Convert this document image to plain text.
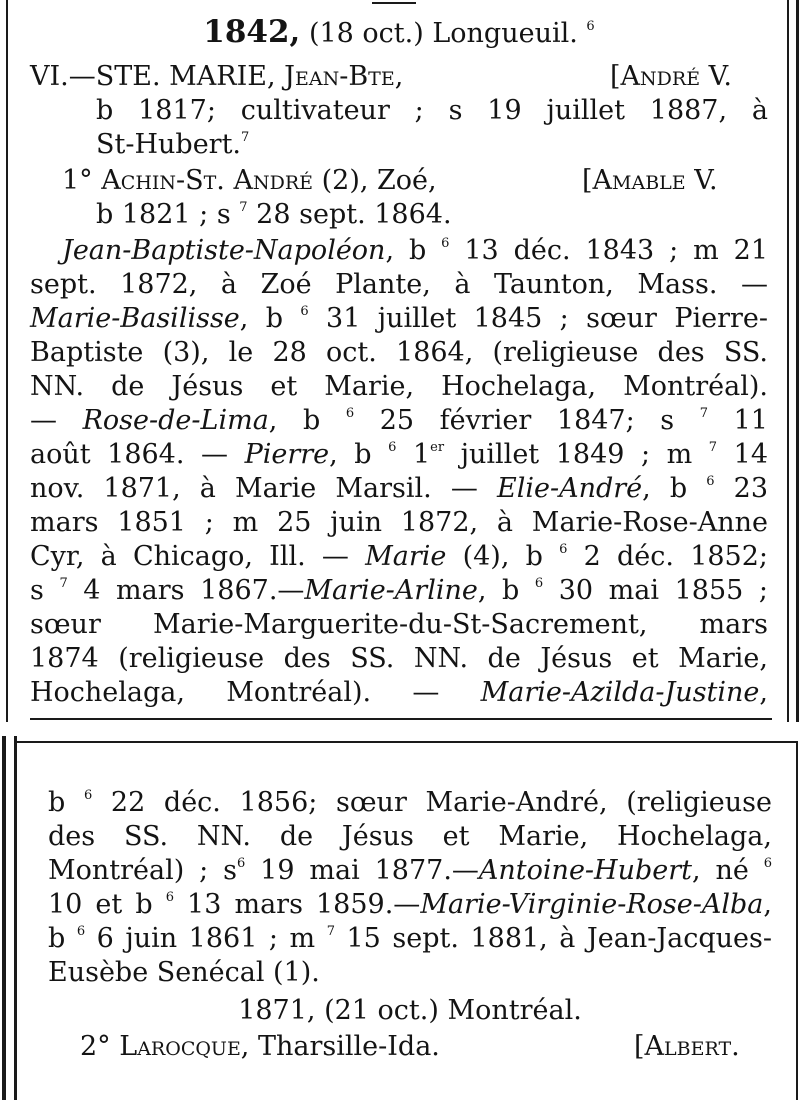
1842, (18 oct.) Longueuil. $^6$
VI.—STE. MARIE, Jean-Bte,	[André V.
b 1817; cultivateur ; s 19 juillet 1887, à
St-Hubert.$^7$
1° Achin-St. André (2), Zoé,	[Amable V.
b 1821 ; s $^7$ 28 sept. 1864.
Jean-Baptiste-Napoléon, b $^6$ 13 déc. 1843 ; m 21
sept. 1872, à Zoé Plante, à Taunton, Mass. —
Marie-Basilisse, b $^6$ 31 juillet 1845 ; sœur Pierre-
Baptiste (3), le 28 oct. 1864, (religieuse des SS.
NN. de Jésus et Marie, Hochelaga, Montréal).
— Rose-de-Lima, b $^6$ 25 février 1847; s $^7$ 11
août 1864. — Pierre, b $^6$ 1er juillet 1849 ; m $^7$ 14
nov. 1871, à Marie Marsil. — Elie-André, b $^6$ 23
mars 1851 ; m 25 juin 1872, à Marie-Rose-Anne
Cyr, à Chicago, Ill. — Marie (4), b $^6$ 2 déc. 1852;
s $^7$ 4 mars 1867.—Marie-Arline, b $^6$ 30 mai 1855 ;
sœur Marie-Marguerite-du-St-Sacrement, mars
1874 (religieuse des SS. NN. de Jésus et Marie,
Hochelaga, Montréal). — Marie-Azilda-Justine,
b $^6$ 22 déc. 1856; sœur Marie-André, (religieuse
des SS. NN. de Jésus et Marie, Hochelaga,
Montréal) ; $s^6$ 19 mai 1877.—Antoine-Hubert, né $^6$
10 et b $^6$ 13 mars 1859.—Marie-Virginie-Rose-Alba,
b $^6$ 6 juin 1861 ; m $^7$ 15 sept. 1881, à Jean-Jacques-
Eusèbe Senécal (1).
1871, (21 oct.) Montréal.
2° Larocque, Tharsille-Ida.	[Albert.
